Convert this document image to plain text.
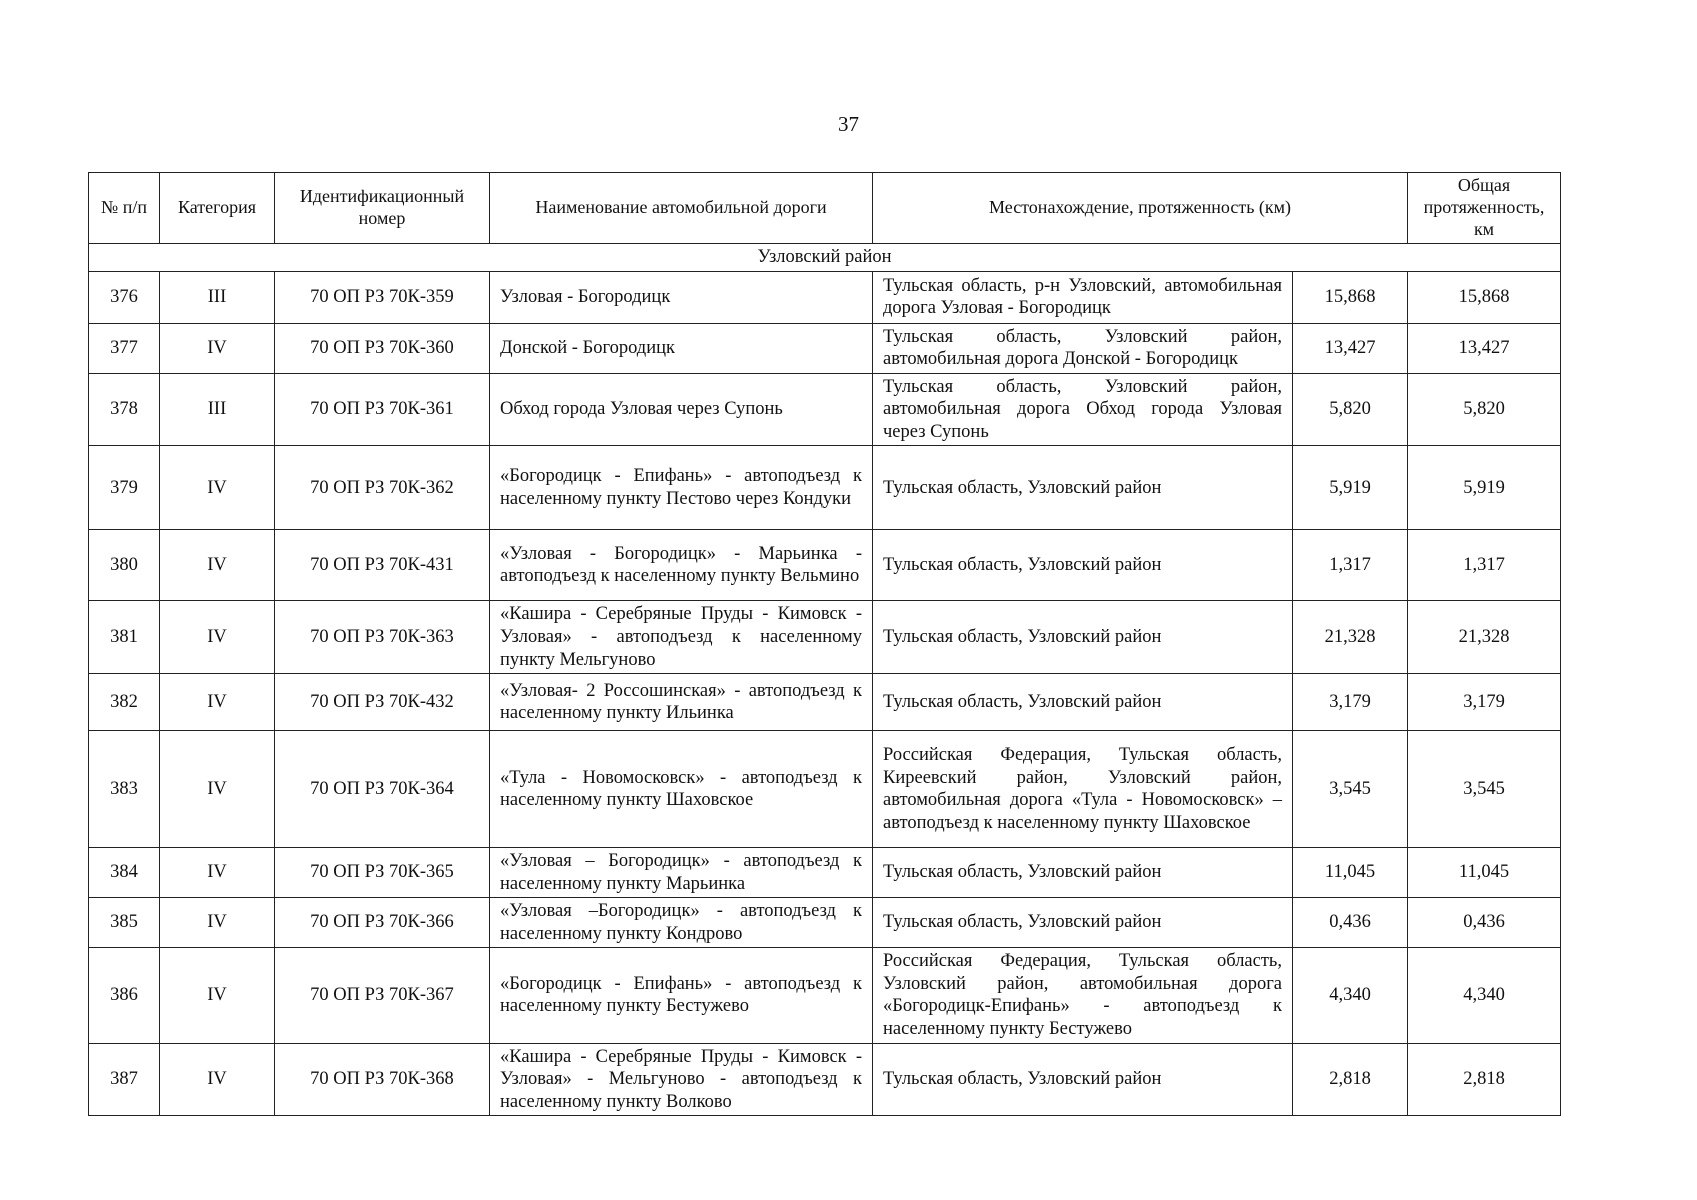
37
№ п/п	Категория	Идентификационный номер	Наименование автомобильной дороги	Местонахождение, протяженность (км)		Общая протяженность, км
Узловский район						
376	III	70 ОП РЗ 70К-359	Узловая - Богородицк	Тульская область, р-н Узловский, автомобильная дорога Узловая - Богородицк	15,868	15,868
377	IV	70 ОП РЗ 70К-360	Донской - Богородицк	Тульская область, Узловский район, автомобильная дорога Донской - Богородицк	13,427	13,427
378	III	70 ОП РЗ 70К-361	Обход города Узловая через Супонь	Тульская область, Узловский район, автомобильная дорога Обход города Узловая через Супонь	5,820	5,820
379	IV	70 ОП РЗ 70К-362	«Богородицк - Епифань» - автоподъезд к населенному пункту Пестово через Кондуки	Тульская область, Узловский район	5,919	5,919
380	IV	70 ОП РЗ 70К-431	«Узловая - Богородицк» - Марьинка - автоподъезд к населенному пункту Вельмино	Тульская область, Узловский район	1,317	1,317
381	IV	70 ОП РЗ 70К-363	«Кашира - Серебряные Пруды - Кимовск - Узловая» - автоподъезд к населенному пункту Мельгуново	Тульская область, Узловский район	21,328	21,328
382	IV	70 ОП РЗ 70К-432	«Узловая- 2 Россошинская» - автоподъезд к населенному пункту Ильинка	Тульская область, Узловский район	3,179	3,179
383	IV	70 ОП РЗ 70К-364	«Тула - Новомосковск» - автоподъезд к населенному пункту Шаховское	Российская Федерация, Тульская область, Киреевский район, Узловский район, автомобильная дорога «Тула - Новомосковск» – автоподъезд к населенному пункту Шаховское	3,545	3,545
384	IV	70 ОП РЗ 70К-365	«Узловая – Богородицк» - автоподъезд к населенному пункту Марьинка	Тульская область, Узловский район	11,045	11,045
385	IV	70 ОП РЗ 70К-366	«Узловая –Богородицк» - автоподъезд к населенному пункту Кондрово	Тульская область, Узловский район	0,436	0,436
386	IV	70 ОП РЗ 70К-367	«Богородицк - Епифань» - автоподъезд к населенному пункту Бестужево	Российская Федерация, Тульская область, Узловский район, автомобильная дорога «Богородицк-Епифань» - автоподъезд к населенному пункту Бестужево	4,340	4,340
387	IV	70 ОП РЗ 70К-368	«Кашира - Серебряные Пруды - Кимовск - Узловая» - Мельгуново - автоподъезд к населенному пункту Волково	Тульская область, Узловский район	2,818	2,818
